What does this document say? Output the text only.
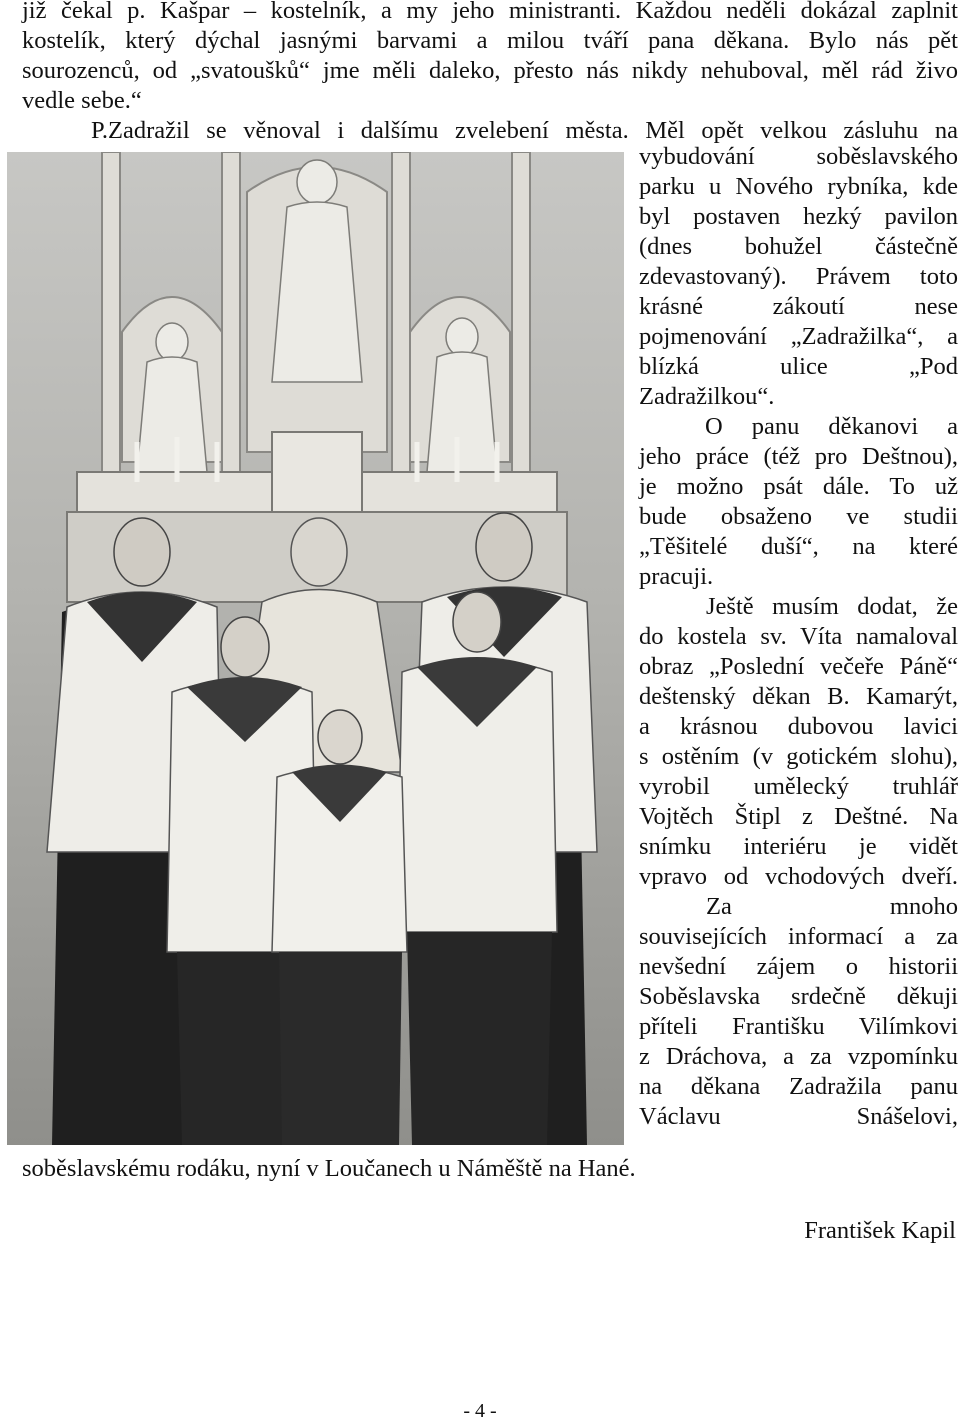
již čekal p. Kašpar – kostelník, a my jeho ministranti. Každou neděli dokázal zaplnit
kostelík, který dýchal jasnými barvami a milou tváří pana děkana. Bylo nás pět
sourozenců, od „svatoušků“ jme měli daleko, přesto nás nikdy nehuboval, měl rád živo
vedle sebe.“
P.Zadražil se věnoval i dalšímu zvelebení města. Měl opět velkou zásluhu na
vybudování soběslavského
parku u Nového rybníka, kde
byl postaven hezký pavilon
(dnes bohužel částečně
zdevastovaný). Právem toto
krásné zákoutí nese
pojmenování „Zadražilka“, a
blízká ulice „Pod
Zadražilkou“.
O panu děkanovi a
jeho práce (též pro Deštnou),
je možno psát dále. To už
bude obsaženo ve studii
„Těšitelé duší“, na které
pracuji.
Ještě musím dodat, že
do kostela sv. Víta namaloval
obraz „Poslední večeře Páně“
deštenský děkan B. Kamarýt,
a krásnou dubovou lavici
s ostěním (v gotickém slohu),
vyrobil umělecký truhlář
Vojtěch Štipl z Deštné. Na
snímku interiéru je vidět
vpravo od vchodových dveří.
Za mnoho
souvisejících informací a za
nevšední zájem o historii
Soběslavska srdečně děkuji
příteli Františku Vilímkovi
z Dráchova, a za vzpomínku
na děkana Zadražila panu
Václavu Snášelovi,
soběslavskému rodáku, nyní v Loučanech u Náměště na Hané.
František Kapil
- 4 -
